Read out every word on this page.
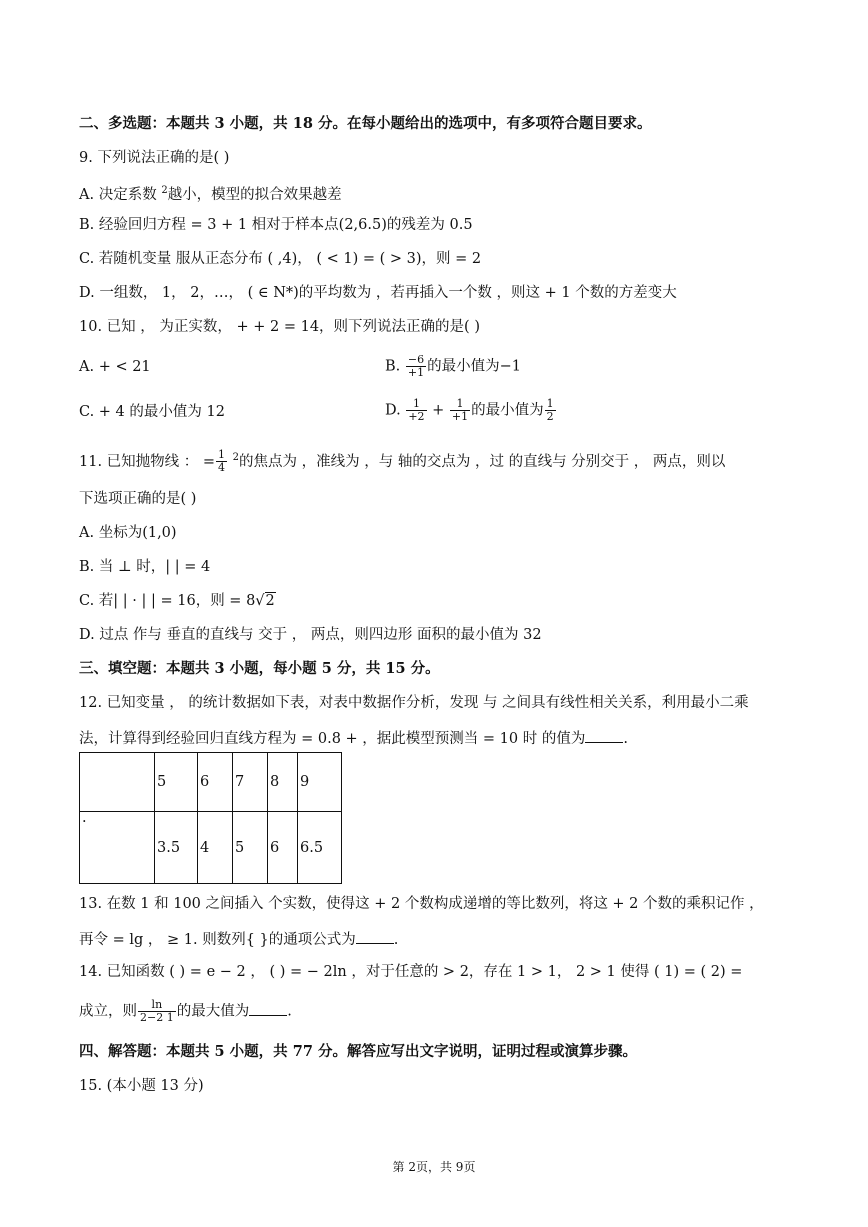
二、多选题：本题共 3 小题，共 18 分。在每小题给出的选项中，有多项符合题目要求。
9. 下列说法正确的是( )
A. 决定系数 $^2$越小，模型的拟合效果越差
B. 经验回归方程 = 3 + 1 相对于样本点(2,6.5)的残差为 0.5
C. 若随机变量 服从正态分布 ( ,4)， ( < 1) = ( > 3)，则 = 2
D. 一组数， 1， 2，…， ( ∈ N*)的平均数为 ，若再插入一个数 ，则这 + 1 个数的方差变大
10. 已知 ， 为正实数， + + 2 = 14，则下列说法正确的是( )
A. + < 21	B. $\frac{-6}{+1}$ 的最小值为−1
C. + 4 的最小值为 12	D. $\frac{1}{+2} + \frac{1}{+1}$ 的最小值为 $\frac{1}{2}$
11. 已知抛物线 ： = $\frac{1}{4} ^2$的焦点为 ，准线为 ，与 轴的交点为 ，过 的直线与 分别交于 ， 两点，则以
下选项正确的是( )
A. 坐标为(1,0)
B. 当 ⊥ 时，| | = 4
C. 若| | · | | = 16，则 = 8√2
D. 过点 作与 垂直的直线与 交于 ， 两点，则四边形 面积的最小值为 32
三、填空题：本题共 3 小题，每小题 5 分，共 15 分。
12. 已知变量 ， 的统计数据如下表，对表中数据作分析，发现 与 之间具有线性相关关系，利用最小二乘
法，计算得到经验回归直线方程为 = 0.8 + ，据此模型预测当 = 10 时 的值为	.
	5	6	7	8	9
·	3.5	4	5	6	6.5
13. 在数 1 和 100 之间插入 个实数，使得这 + 2 个数构成递增的等比数列，将这 + 2 个数的乘积记作 ，
再令 = lg ， ≥ 1. 则数列{ }的通项公式为	.
14. 已知函数 ( ) = e − 2 ， ( ) = − 2ln ，对于任意的 > 2，存在 1 > 1， 2 > 1 使得 ( 1) = ( 2) =
成立，则 $\frac{\ln}{2-2 1}$ 的最大值为	.
四、解答题：本题共 5 小题，共 77 分。解答应写出文字说明，证明过程或演算步骤。
15. (本小题 13 分)
第 2页，共 9页
